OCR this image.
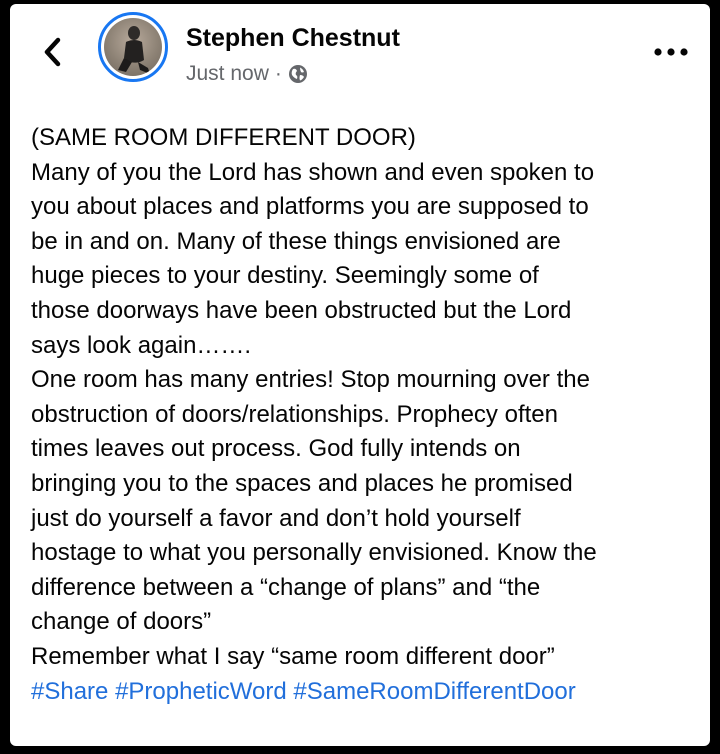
Stephen Chestnut
Just now ·
(SAME ROOM DIFFERENT DOOR)
Many of you the Lord has shown and even spoken to
you about places and platforms you are supposed to
be in and on. Many of these things envisioned are
huge pieces to your destiny. Seemingly some of
those doorways have been obstructed but the Lord
says look again…….
One room has many entries! Stop mourning over the
obstruction of doors/relationships. Prophecy often
times leaves out process. God fully intends on
bringing you to the spaces and places he promised
just do yourself a favor and don’t hold yourself
hostage to what you personally envisioned. Know the
difference between a “change of plans” and “the
change of doors”
Remember what I say “same room different door”
#Share #PropheticWord #SameRoomDifferentDoor
